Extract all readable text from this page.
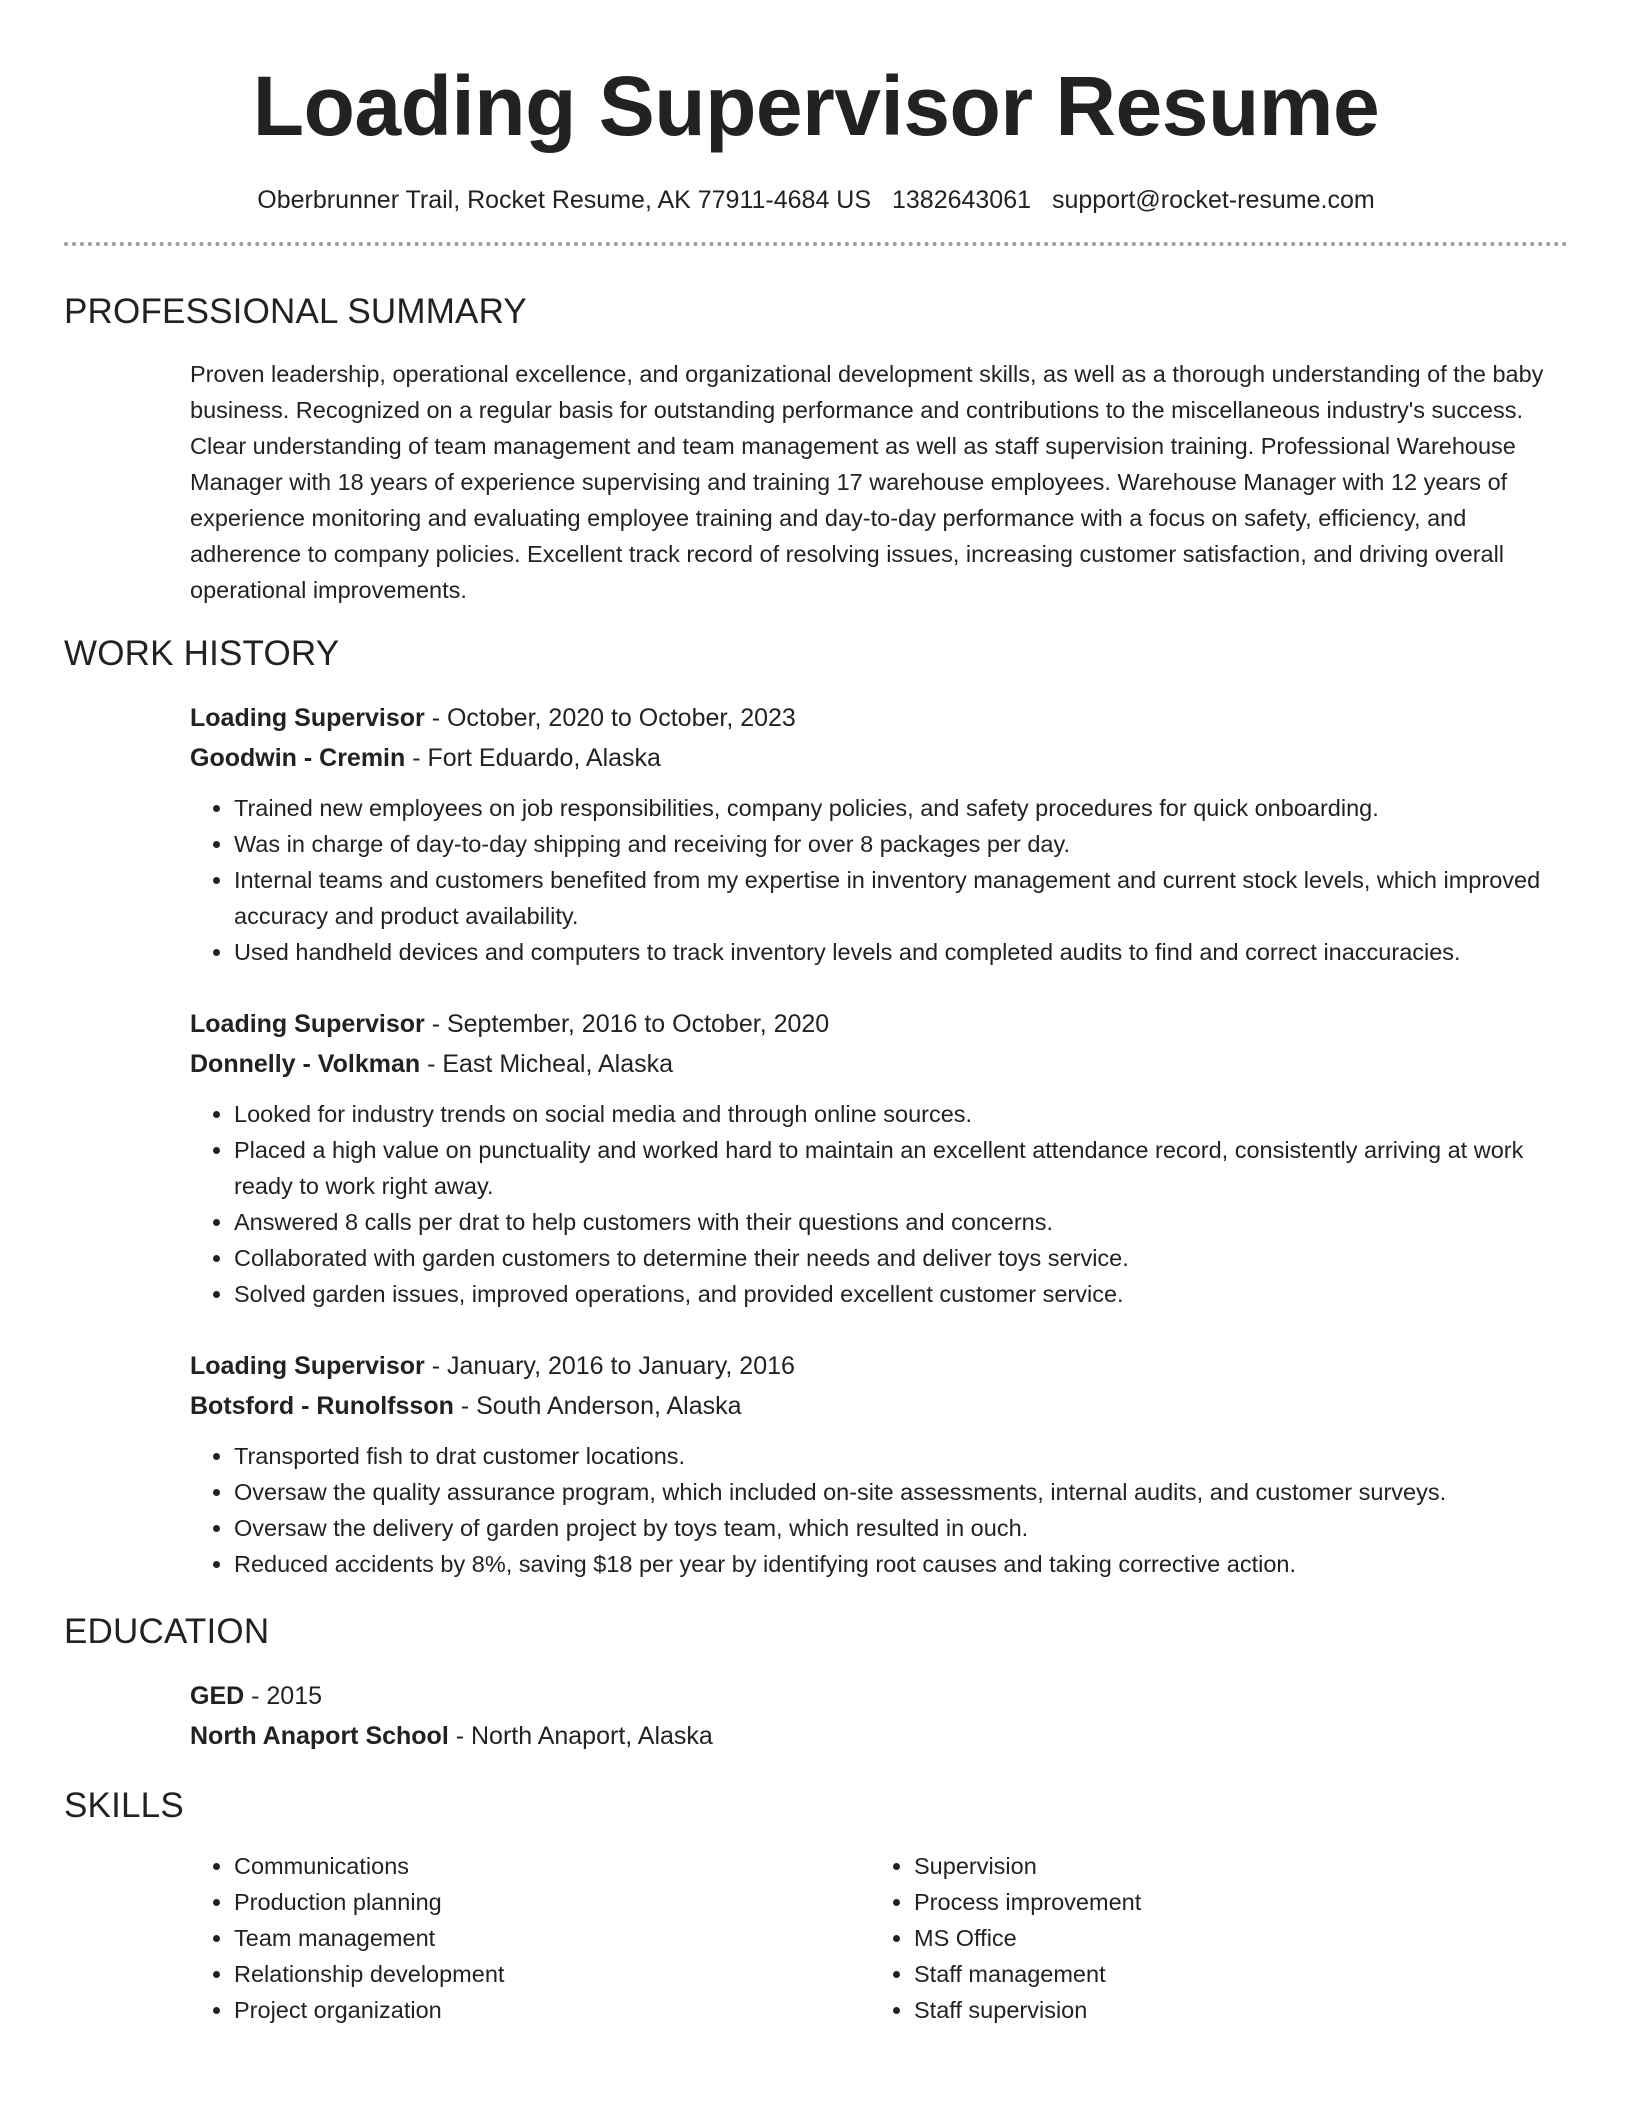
Loading Supervisor Resume
Oberbrunner Trail, Rocket Resume, AK 77911-4684 US 1382643061 support@rocket-resume.com
PROFESSIONAL SUMMARY
Proven leadership, operational excellence, and organizational development skills, as well as a thorough understanding of the baby business. Recognized on a regular basis for outstanding performance and contributions to the miscellaneous industry's success. Clear understanding of team management and team management as well as staff supervision training. Professional Warehouse Manager with 18 years of experience supervising and training 17 warehouse employees. Warehouse Manager with 12 years of experience monitoring and evaluating employee training and day-to-day performance with a focus on safety, efficiency, and adherence to company policies. Excellent track record of resolving issues, increasing customer satisfaction, and driving overall operational improvements.
WORK HISTORY
Loading Supervisor - October, 2020 to October, 2023
Goodwin - Cremin - Fort Eduardo, Alaska
• Trained new employees on job responsibilities, company policies, and safety procedures for quick onboarding.
• Was in charge of day-to-day shipping and receiving for over 8 packages per day.
• Internal teams and customers benefited from my expertise in inventory management and current stock levels, which improved accuracy and product availability.
• Used handheld devices and computers to track inventory levels and completed audits to find and correct inaccuracies.
Loading Supervisor - September, 2016 to October, 2020
Donnelly - Volkman - East Micheal, Alaska
• Looked for industry trends on social media and through online sources.
• Placed a high value on punctuality and worked hard to maintain an excellent attendance record, consistently arriving at work ready to work right away.
• Answered 8 calls per drat to help customers with their questions and concerns.
• Collaborated with garden customers to determine their needs and deliver toys service.
• Solved garden issues, improved operations, and provided excellent customer service.
Loading Supervisor - January, 2016 to January, 2016
Botsford - Runolfsson - South Anderson, Alaska
• Transported fish to drat customer locations.
• Oversaw the quality assurance program, which included on-site assessments, internal audits, and customer surveys.
• Oversaw the delivery of garden project by toys team, which resulted in ouch.
• Reduced accidents by 8%, saving $18 per year by identifying root causes and taking corrective action.
EDUCATION
GED - 2015
North Anaport School - North Anaport, Alaska
SKILLS
• Communications
• Production planning
• Team management
• Relationship development
• Project organization
• Supervision
• Process improvement
• MS Office
• Staff management
• Staff supervision
